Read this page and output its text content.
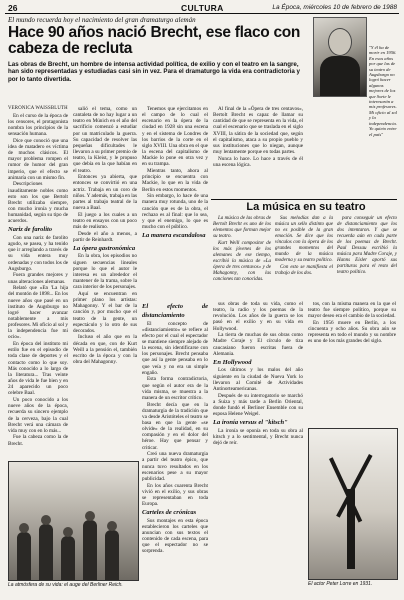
26	CULTURA	La Época, miércoles 10 de febrero de 1988
El mundo recuerda hoy el nacimiento del gran dramaturgo alemán
Hace 90 años nació Brecht, ese flaco con cabeza de recluta

Las obras de Brecht, un hombre de intensa actividad política, de exilio y con el teatro en la sangre, han sido representadas y estudiadas casi sin in vez. Para el dramaturgo la vida era contradictoria y por lo tanto divertida.

"Y él ha de morir en 1956. En esos años por que las de su teatro de Augsburgo no logró hacer algunos mejores de los que Sorte le interesarán a mis profesores. Mi oficio al sol y la independencia. Yo quieto entre el país"

VERONICA WAISSBLUTH

En el curso de la época de los censores, el protagonista nombra los principios de la sensación humana.

Dice que conoció que una idea de matadero es víctima de muchos clásicos. El mayor problema rompen el rumor de humor del gran imperio, que el efecto se animaría con un mismo fin.

Descripciones inauditamente nobles como esto son los que Bertolt Brecht utilizaba siempre, con mucho ironía y mucha humanidad, según su tipo de acuerdos.

Nariz de farolito

Con una nariz de farolito agudo, se pasea, y ha tenido que ir arreglando a través de su vida entera muy ordenadas y con todos los de Augsburgo.

Fuera grandes mejores y unas alteraciones alemanas.

Relató que «En 'La hija del montón de 1898... En los nueve años que pasé en un instituto de Augsburgo no logré hacer avanzar notablemente a mis profesores. Mi oficio al sol y la independencia fue mi ocio».

En época del instituto mi estilo fue en el episodio de toda clase de deportes y el contacto como lo que soy. Más conocido a lo largo de la literatura... Tras veinte años de vida le fue bien y en 24 aparecido un poco celebre Baal.

Un poco conocido a los nueve años de la época, recuerda su sincero ejemplo de la cerveza, bajo la cual Brecht verá una cámara de vida muy con en lo más...

Fue la cabeza como la de Brecht.

salió el tema, como un cantaleta de no hay lugar a un teatro en Múnich en el año del sacrificio comenzó a estudiar por un matriculado la guerra. Su capacidad de resolver las pequeñas dificultades le llevaron a su primer premio de teatro, la Kleist, y le propuso que debía en la que habían en el teatro.

Entonces ya abierta, que entonces se convirtió en una actriz. Trabaja en un coro de niños. Y además, trabaja en las partes al trabajo teatral de la nueva a Baal.

El juego a los cuales a un teatro en ensayos con un poco más de realismo.

Desde el año a menos, a partir de Reinhardt.

La ópera gastronómica

En la obra, los episodios no siguen secuencias lineales porque lo que el autor le interesa es un alrededor el mantener de la trama, sobre la cara interior de los personajes.

Aquí se encuentran en primer plano los artistas: Mahagonny. Y el bar de la canción y, por mucho que el teatro de la gente, un espectáculo y lo otro de sus decorados.

Incluso el año que en la década en que, con de Kurt Weill a la pensión el, también escrito de la época y con la obra del Mahagonny.

Tenemos que ejercitamos en el campo de lo cual el escenario en la ópera de la ciudad en 1928 sin una escena y en el sistema de Londres de los barrios de la corte en el siglo XVIII. Una obra en el que la escena del capitalismo de Mackie lo pone en otra vez y en su trampa.

Mientras tanto, ahora al principio se encuentra con Mackie, lo que en la vida de Berlín en estos momentos.

Sin embargo, lo hace de una manera muy rotunda, uno de la canción que es de la obra, el rechazo es al final: que lo sea, y que el enemigo, lo que es mucho con el público.

La manera escandalosa

Al final de la «Ópera de tres centavos», Bertolt Brecht es capaz de llamar su cantidad de que se representa en la vida, el cual el escenario que se traslada en el siglo XVIII, la sátira de la sociedad que, según el capitalismo, ataca a su propio pueblo y sus instituciones que lo niegan, aunque muy lentamente porque en todas partes.

Nunca lo hace. Lo hace a través de él una escena lógica.

La música en su teatro

La música de las obras de Bertolt Brecht es uno de los elementos que forman mejor su teatro.

Kurt Weill compositor de los más jóvenes de los alemanes de ese tiempo, escribió la música de «La ópera de tres centavos» y de Mahagonny, con las canciones tan conocidas.

Sus melodías dan a la música un sello distinto que no es posible de la gran emoción. Se dice que los vínculos con la ópera de los grandes momentos del mundo de la música moderna y su teatro político.

Con esto se manifiesta el trabajo de los dos.

para conseguir un efecto de distanciamiento que los dos intentaron. Y que se recuerda aún en cada parte de los poemas de Brecht. Paul Dessau escribió la música para Madre Coraje, y Hanns Eisler aportó sus partituras para el resto del teatro político.

El efecto de distanciamiento

El concepto de «distanciamiento» se refiere al efecto por el cual el espectador se mantiene siempre alejado de la escena, sin identificarse con los personajes. Brecht pensaba que así la gente pensaba en lo que veía y no era un simple engaño.

Esta forma contradictoria, que según el autor era de la vida misma, se muestra a la manera de un escritor crítico.

Brecht decía que en la dramaturgia de la tradición que va desde Aristóteles el teatro se basa en que la gente «se olvide» de la realidad, en su compasión y en el dolor del héroe. Hay que pensar y criticar.

Creó una nueva dramaturgia a partir del teatro épico, que nunca tuvo resultados en los escenarios pese a su mayor publicidad.

En los años cuarenta Brecht vivió en el exilio, y sus obras se representaban en toda Europa.

Carteles de crónicas

Sus montajes en esta época establecieron los carteles que anuncian con sus textos el contenido de cada escena, para que el espectador no se sorprenda.

sus obras de toda su vida, como el teatro, la radio y los poemas de la revolución. Los años de la guerra se los pasó en el exilio y en su vida en Hollywood.

La tierra de muchas de sus obras como Madre Coraje y El círculo de tiza caucasiano fueron escritas fuera de Alemania.

En Hollywood

Los últimos y los malos del año siguiente en la ciudad de Nueva York lo llevaron al Comité de Actividades Antinorteamericanas.

Después de su interrogatorio se marchó a Suiza y más tarde a Berlín Oriental, donde fundó el Berliner Ensemble con su esposa Helene Weigel.

La ironía versus el "kitsch"

La ironía se oponía en toda su obra al kitsch y a lo sentimental, y Brecht nunca dejó de reír.

tos, con la misma manera en la que el teatro fue siempre político, porque su mayor deseo era el cambio de la sociedad.

En 1956 muere en Berlín, a los cincuenta y ocho años. Su obra aún se representa en todo el mundo y su nombre es uno de los más grandes del siglo.

La atmósfera de su vida: el auge del Berliner Reich.	El actor Peter Lorre en 1931.
